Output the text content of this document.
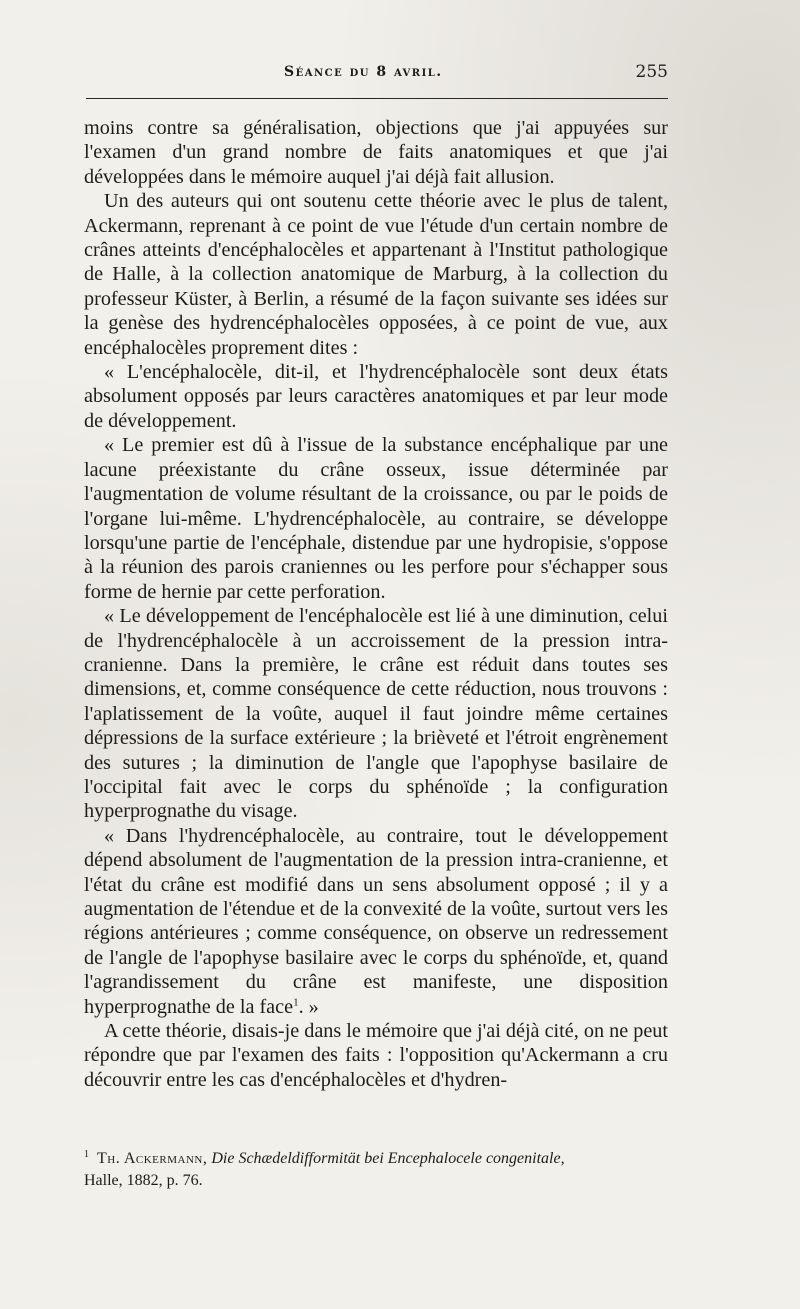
Séance du 8 avril.	255

moins contre sa généralisation, objections que j'ai appuyées sur l'examen d'un grand nombre de faits anatomiques et que j'ai développées dans le mémoire auquel j'ai déjà fait allusion.

Un des auteurs qui ont soutenu cette théorie avec le plus de talent, Ackermann, reprenant à ce point de vue l'étude d'un certain nombre de crânes atteints d'encéphalocèles et appartenant à l'Institut pathologique de Halle, à la collection anatomique de Marburg, à la collection du professeur Küster, à Berlin, a résumé de la façon suivante ses idées sur la genèse des hydrencéphalocèles opposées, à ce point de vue, aux encéphalocèles proprement dites :

« L'encéphalocèle, dit-il, et l'hydrencéphalocèle sont deux états absolument opposés par leurs caractères anatomiques et par leur mode de développement.

« Le premier est dû à l'issue de la substance encéphalique par une lacune préexistante du crâne osseux, issue déterminée par l'augmentation de volume résultant de la croissance, ou par le poids de l'organe lui-même. L'hydrencéphalocèle, au contraire, se développe lorsqu'une partie de l'encéphale, distendue par une hydropisie, s'oppose à la réunion des parois craniennes ou les perfore pour s'échapper sous forme de hernie par cette perforation.

« Le développement de l'encéphalocèle est lié à une diminution, celui de l'hydrencéphalocèle à un accroissement de la pression intra-cranienne. Dans la première, le crâne est réduit dans toutes ses dimensions, et, comme conséquence de cette réduction, nous trouvons : l'aplatissement de la voûte, auquel il faut joindre même certaines dépressions de la surface extérieure ; la brièveté et l'étroit engrènement des sutures ; la diminution de l'angle que l'apophyse basilaire de l'occipital fait avec le corps du sphénoïde ; la configuration hyperprognathe du visage.

« Dans l'hydrencéphalocèle, au contraire, tout le développement dépend absolument de l'augmentation de la pression intra-cranienne, et l'état du crâne est modifié dans un sens absolument opposé ; il y a augmentation de l'étendue et de la convexité de la voûte, surtout vers les régions antérieures ; comme conséquence, on observe un redressement de l'angle de l'apophyse basilaire avec le corps du sphénoïde, et, quand l'agrandissement du crâne est manifeste, une disposition hyperprognathe de la face$^1$. »

A cette théorie, disais-je dans le mémoire que j'ai déjà cité, on ne peut répondre que par l'examen des faits : l'opposition qu'Ackermann a cru découvrir entre les cas d'encéphalocèles et d'hydren-

$^1$ Th. Ackermann, Die Schædeldifformität bei Encephalocele congenitale,
Halle, 1882, p. 76.
